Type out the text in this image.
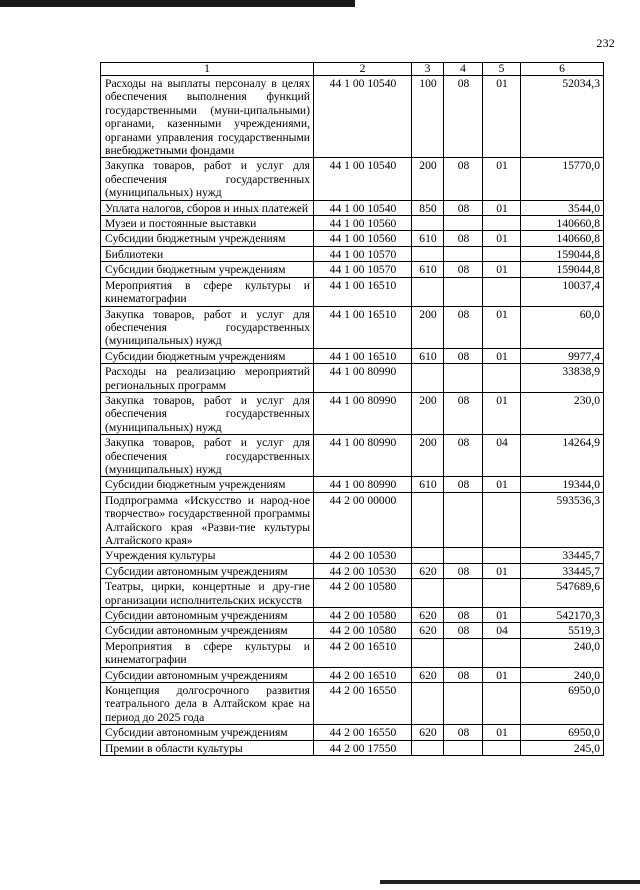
232
1	2	3	4	5	6
Расходы на выплаты персоналу в целях обеспечения выполнения функций государственными (муни-ципальными) органами, казенными учреждениями, органами управления государственными внебюджетными фондами	44 1 00 10540	100	08	01	52034,3
Закупка товаров, работ и услуг для обеспечения государственных (муниципальных) нужд	44 1 00 10540	200	08	01	15770,0
Уплата налогов, сборов и иных платежей	44 1 00 10540	850	08	01	3544,0
Музеи и постоянные выставки	44 1 00 10560				140660,8
Субсидии бюджетным учреждениям	44 1 00 10560	610	08	01	140660,8
Библиотеки	44 1 00 10570				159044,8
Субсидии бюджетным учреждениям	44 1 00 10570	610	08	01	159044,8
Мероприятия в сфере культуры и кинематографии	44 1 00 16510				10037,4
Закупка товаров, работ и услуг для обеспечения государственных (муниципальных) нужд	44 1 00 16510	200	08	01	60,0
Субсидии бюджетным учреждениям	44 1 00 16510	610	08	01	9977,4
Расходы на реализацию мероприятий региональных программ	44 1 00 80990				33838,9
Закупка товаров, работ и услуг для обеспечения государственных (муниципальных) нужд	44 1 00 80990	200	08	01	230,0
Закупка товаров, работ и услуг для обеспечения государственных (муниципальных) нужд	44 1 00 80990	200	08	04	14264,9
Субсидии бюджетным учреждениям	44 1 00 80990	610	08	01	19344,0
Подпрограмма «Искусство и народ-ное творчество» государственной программы Алтайского края «Разви-тие культуры Алтайского края»	44 2 00 00000				593536,3
Учреждения культуры	44 2 00 10530				33445,7
Субсидии автономным учреждениям	44 2 00 10530	620	08	01	33445,7
Театры, цирки, концертные и дру-гие организации исполнительских искусств	44 2 00 10580				547689,6
Субсидии автономным учреждениям	44 2 00 10580	620	08	01	542170,3
Субсидии автономным учреждениям	44 2 00 10580	620	08	04	5519,3
Мероприятия в сфере культуры и кинематографии	44 2 00 16510				240,0
Субсидии автономным учреждениям	44 2 00 16510	620	08	01	240,0
Концепция долгосрочного развития театрального дела в Алтайском крае на период до 2025 года	44 2 00 16550				6950,0
Субсидии автономным учреждениям	44 2 00 16550	620	08	01	6950,0
Премии в области культуры	44 2 00 17550				245,0
